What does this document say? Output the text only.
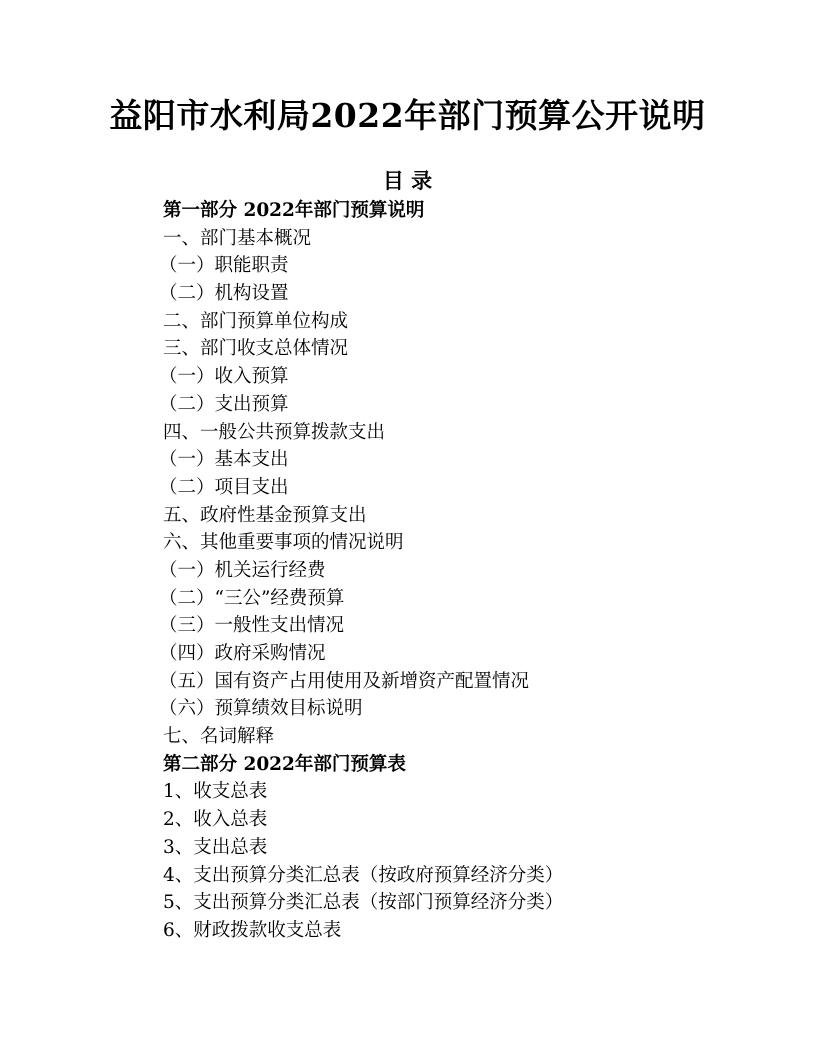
益阳市水利局2022年部门预算公开说明
目 录
第一部分 2022年部门预算说明
一、部门基本概况
（一）职能职责
（二）机构设置
二、部门预算单位构成
三、部门收支总体情况
（一）收入预算
（二）支出预算
四、一般公共预算拨款支出
（一）基本支出
（二）项目支出
五、政府性基金预算支出
六、其他重要事项的情况说明
（一）机关运行经费
（二）“三公”经费预算
（三）一般性支出情况
（四）政府采购情况
（五）国有资产占用使用及新增资产配置情况
（六）预算绩效目标说明
七、名词解释
第二部分 2022年部门预算表
1、收支总表
2、收入总表
3、支出总表
4、支出预算分类汇总表（按政府预算经济分类）
5、支出预算分类汇总表（按部门预算经济分类）
6、财政拨款收支总表
